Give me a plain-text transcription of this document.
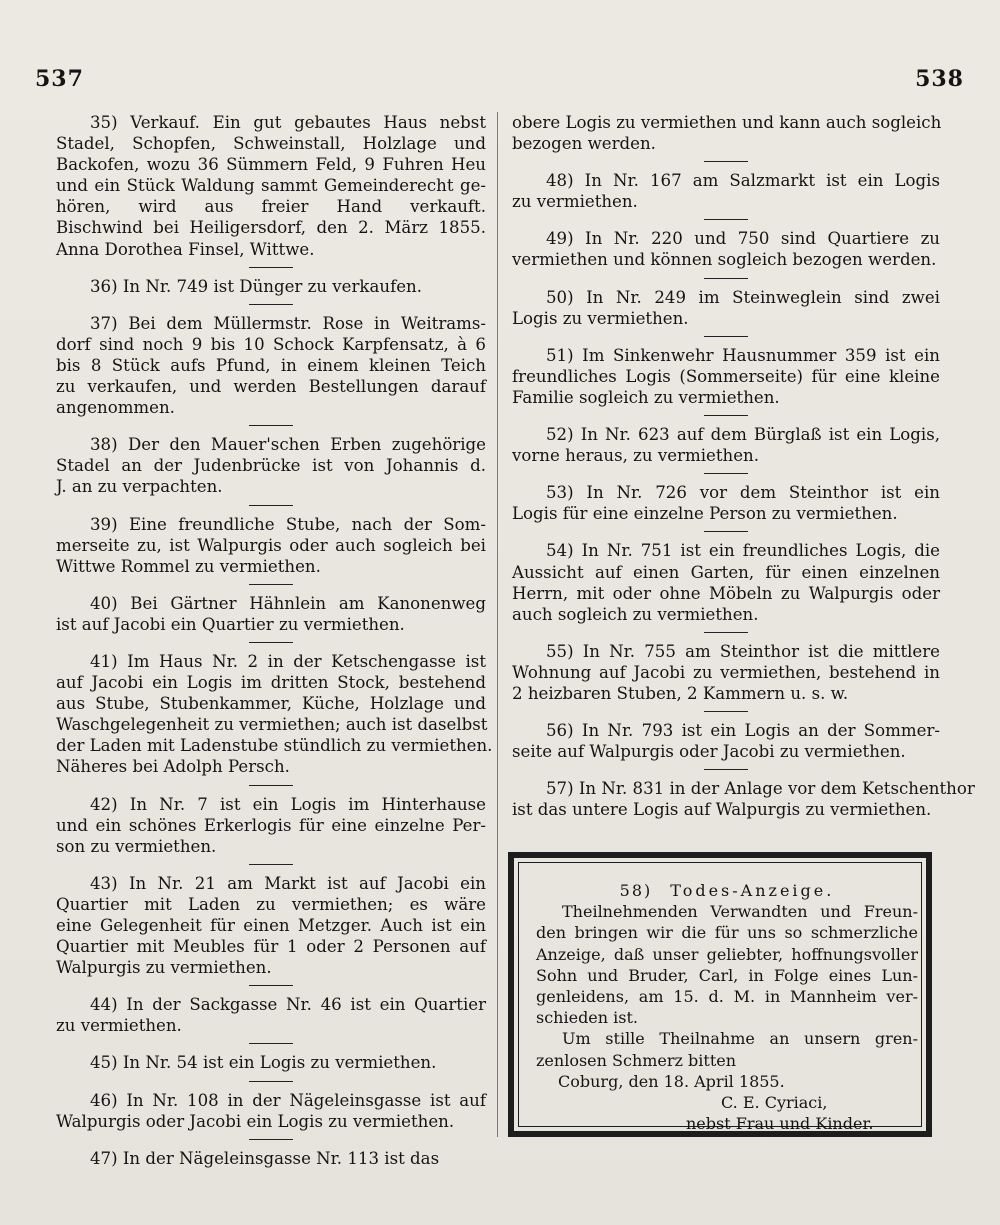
537	538
35) Verkauf. Ein gut gebautes Haus nebst
Stadel, Schopfen, Schweinstall, Holzlage und
Backofen, wozu 36 Sümmern Feld, 9 Fuhren Heu
und ein Stück Waldung sammt Gemeinderecht ge-
hören, wird aus freier Hand verkauft.
Bischwind bei Heiligersdorf, den 2. März 1855.
Anna Dorothea Finsel, Wittwe.
36) In Nr. 749 ist Dünger zu verkaufen.
37) Bei dem Müllermstr. Rose in Weitrams-
dorf sind noch 9 bis 10 Schock Karpfensatz, à 6
bis 8 Stück aufs Pfund, in einem kleinen Teich
zu verkaufen, und werden Bestellungen darauf
angenommen.
38) Der den Mauer'schen Erben zugehörige
Stadel an der Judenbrücke ist von Johannis d.
J. an zu verpachten.
39) Eine freundliche Stube, nach der Som-
merseite zu, ist Walpurgis oder auch sogleich bei
Wittwe Rommel zu vermiethen.
40) Bei Gärtner Hähnlein am Kanonenweg
ist auf Jacobi ein Quartier zu vermiethen.
41) Im Haus Nr. 2 in der Ketschengasse ist
auf Jacobi ein Logis im dritten Stock, bestehend
aus Stube, Stubenkammer, Küche, Holzlage und
Waschgelegenheit zu vermiethen; auch ist daselbst
der Laden mit Ladenstube stündlich zu vermiethen.
Näheres bei Adolph Persch.
42) In Nr. 7 ist ein Logis im Hinterhause
und ein schönes Erkerlogis für eine einzelne Per-
son zu vermiethen.
43) In Nr. 21 am Markt ist auf Jacobi ein
Quartier mit Laden zu vermiethen; es wäre
eine Gelegenheit für einen Metzger. Auch ist ein
Quartier mit Meubles für 1 oder 2 Personen auf
Walpurgis zu vermiethen.
44) In der Sackgasse Nr. 46 ist ein Quartier
zu vermiethen.
45) In Nr. 54 ist ein Logis zu vermiethen.
46) In Nr. 108 in der Nägeleinsgasse ist auf
Walpurgis oder Jacobi ein Logis zu vermiethen.
47) In der Nägeleinsgasse Nr. 113 ist das
obere Logis zu vermiethen und kann auch sogleich
bezogen werden.
48) In Nr. 167 am Salzmarkt ist ein Logis
zu vermiethen.
49) In Nr. 220 und 750 sind Quartiere zu
vermiethen und können sogleich bezogen werden.
50) In Nr. 249 im Steinweglein sind zwei
Logis zu vermiethen.
51) Im Sinkenwehr Hausnummer 359 ist ein
freundliches Logis (Sommerseite) für eine kleine
Familie sogleich zu vermiethen.
52) In Nr. 623 auf dem Bürglaß ist ein Logis,
vorne heraus, zu vermiethen.
53) In Nr. 726 vor dem Steinthor ist ein
Logis für eine einzelne Person zu vermiethen.
54) In Nr. 751 ist ein freundliches Logis, die
Aussicht auf einen Garten, für einen einzelnen
Herrn, mit oder ohne Möbeln zu Walpurgis oder
auch sogleich zu vermiethen.
55) In Nr. 755 am Steinthor ist die mittlere
Wohnung auf Jacobi zu vermiethen, bestehend in
2 heizbaren Stuben, 2 Kammern u. s. w.
56) In Nr. 793 ist ein Logis an der Sommer-
seite auf Walpurgis oder Jacobi zu vermiethen.
57) In Nr. 831 in der Anlage vor dem Ketschenthor
ist das untere Logis auf Walpurgis zu vermiethen.
58) Todes-Anzeige.
Theilnehmenden Verwandten und Freun-
den bringen wir die für uns so schmerzliche
Anzeige, daß unser geliebter, hoffnungsvoller
Sohn und Bruder, Carl, in Folge eines Lun-
genleidens, am 15. d. M. in Mannheim ver-
schieden ist.
Um stille Theilnahme an unsern gren-
zenlosen Schmerz bitten
Coburg, den 18. April 1855.
C. E. Cyriaci,
nebst Frau und Kinder.
